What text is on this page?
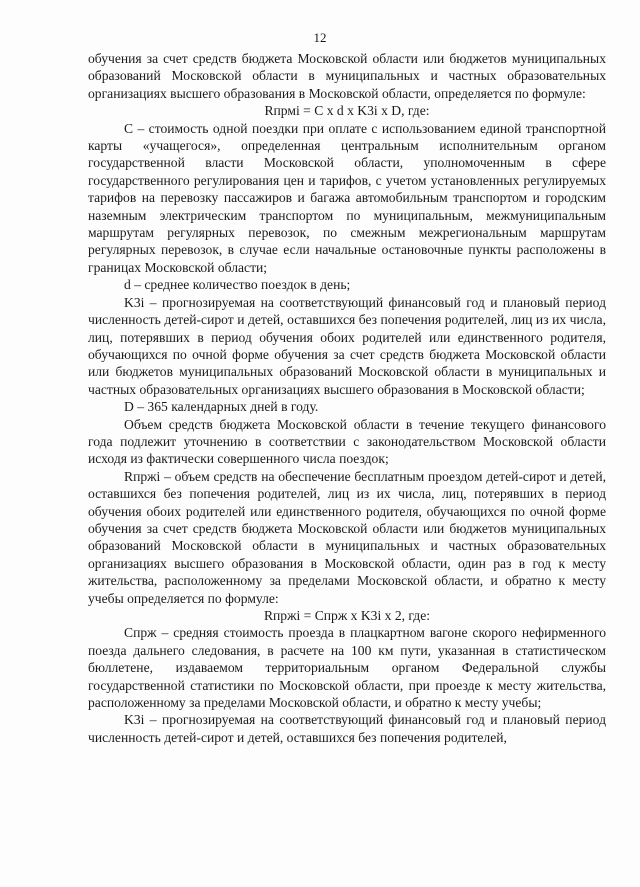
12

обучения за счет средств бюджета Московской области или бюджетов муниципальных образований Московской области в муниципальных и частных образовательных организациях высшего образования в Московской области, определяется по формуле:

Rпрмі = C x d x K3i x D, где:

C – стоимость одной поездки при оплате с использованием единой транспортной карты «учащегося», определенная центральным исполнительным органом государственной власти Московской области, уполномоченным в сфере государственного регулирования цен и тарифов, с учетом установленных регулируемых тарифов на перевозку пассажиров и багажа автомобильным транспортом и городским наземным электрическим транспортом по муниципальным, межмуниципальным маршрутам регулярных перевозок, по смежным межрегиональным маршрутам регулярных перевозок, в случае если начальные остановочные пункты расположены в границах Московской области;

d – среднее количество поездок в день;

K3i – прогнозируемая на соответствующий финансовый год и плановый период численность детей-сирот и детей, оставшихся без попечения родителей, лиц из их числа, лиц, потерявших в период обучения обоих родителей или единственного родителя, обучающихся по очной форме обучения за счет средств бюджета Московской области или бюджетов муниципальных образований Московской области в муниципальных и частных образовательных организациях высшего образования в Московской области;

D – 365 календарных дней в году.

Объем средств бюджета Московской области в течение текущего финансового года подлежит уточнению в соответствии с законодательством Московской области исходя из фактически совершенного числа поездок;

Rпржі – объем средств на обеспечение бесплатным проездом детей-сирот и детей, оставшихся без попечения родителей, лиц из их числа, лиц, потерявших в период обучения обоих родителей или единственного родителя, обучающихся по очной форме обучения за счет средств бюджета Московской области или бюджетов муниципальных образований Московской области в муниципальных и частных образовательных организациях высшего образования в Московской области, один раз в год к месту жительства, расположенному за пределами Московской области, и обратно к месту учебы определяется по формуле:

Rпржі = Cпрж x K3i x 2, где:

Cпрж – средняя стоимость проезда в плацкартном вагоне скорого нефирменного поезда дальнего следования, в расчете на 100 км пути, указанная в статистическом бюллетене, издаваемом территориальным органом Федеральной службы государственной статистики по Московской области, при проезде к месту жительства, расположенному за пределами Московской области, и обратно к месту учебы;

K3i – прогнозируемая на соответствующий финансовый год и плановый период численность детей-сирот и детей, оставшихся без попечения родителей,
